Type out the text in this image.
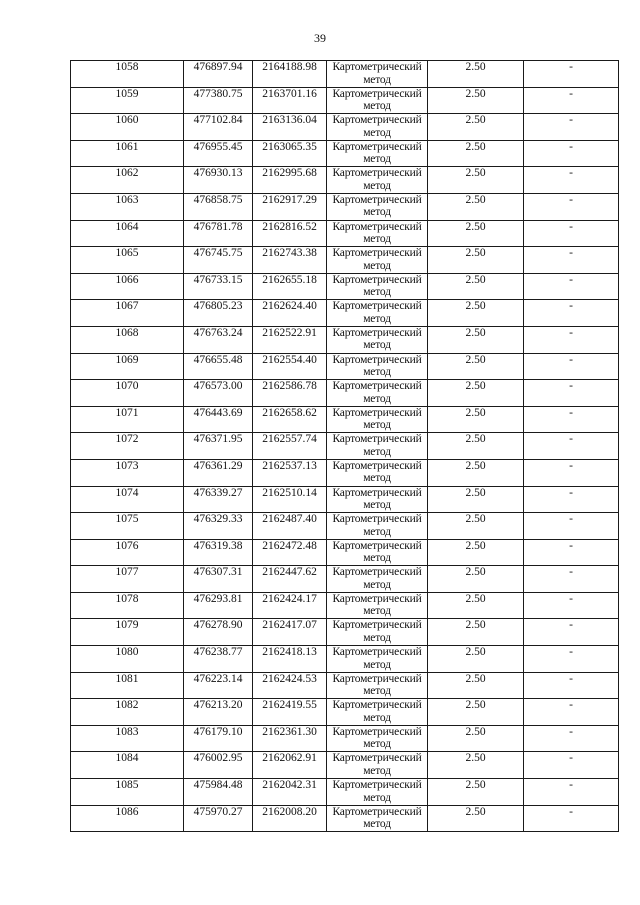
39
1058	476897.94	2164188.98	Картометрический метод	2.50	-
1059	477380.75	2163701.16	Картометрический метод	2.50	-
1060	477102.84	2163136.04	Картометрический метод	2.50	-
1061	476955.45	2163065.35	Картометрический метод	2.50	-
1062	476930.13	2162995.68	Картометрический метод	2.50	-
1063	476858.75	2162917.29	Картометрический метод	2.50	-
1064	476781.78	2162816.52	Картометрический метод	2.50	-
1065	476745.75	2162743.38	Картометрический метод	2.50	-
1066	476733.15	2162655.18	Картометрический метод	2.50	-
1067	476805.23	2162624.40	Картометрический метод	2.50	-
1068	476763.24	2162522.91	Картометрический метод	2.50	-
1069	476655.48	2162554.40	Картометрический метод	2.50	-
1070	476573.00	2162586.78	Картометрический метод	2.50	-
1071	476443.69	2162658.62	Картометрический метод	2.50	-
1072	476371.95	2162557.74	Картометрический метод	2.50	-
1073	476361.29	2162537.13	Картометрический метод	2.50	-
1074	476339.27	2162510.14	Картометрический метод	2.50	-
1075	476329.33	2162487.40	Картометрический метод	2.50	-
1076	476319.38	2162472.48	Картометрический метод	2.50	-
1077	476307.31	2162447.62	Картометрический метод	2.50	-
1078	476293.81	2162424.17	Картометрический метод	2.50	-
1079	476278.90	2162417.07	Картометрический метод	2.50	-
1080	476238.77	2162418.13	Картометрический метод	2.50	-
1081	476223.14	2162424.53	Картометрический метод	2.50	-
1082	476213.20	2162419.55	Картометрический метод	2.50	-
1083	476179.10	2162361.30	Картометрический метод	2.50	-
1084	476002.95	2162062.91	Картометрический метод	2.50	-
1085	475984.48	2162042.31	Картометрический метод	2.50	-
1086	475970.27	2162008.20	Картометрический метод	2.50	-
